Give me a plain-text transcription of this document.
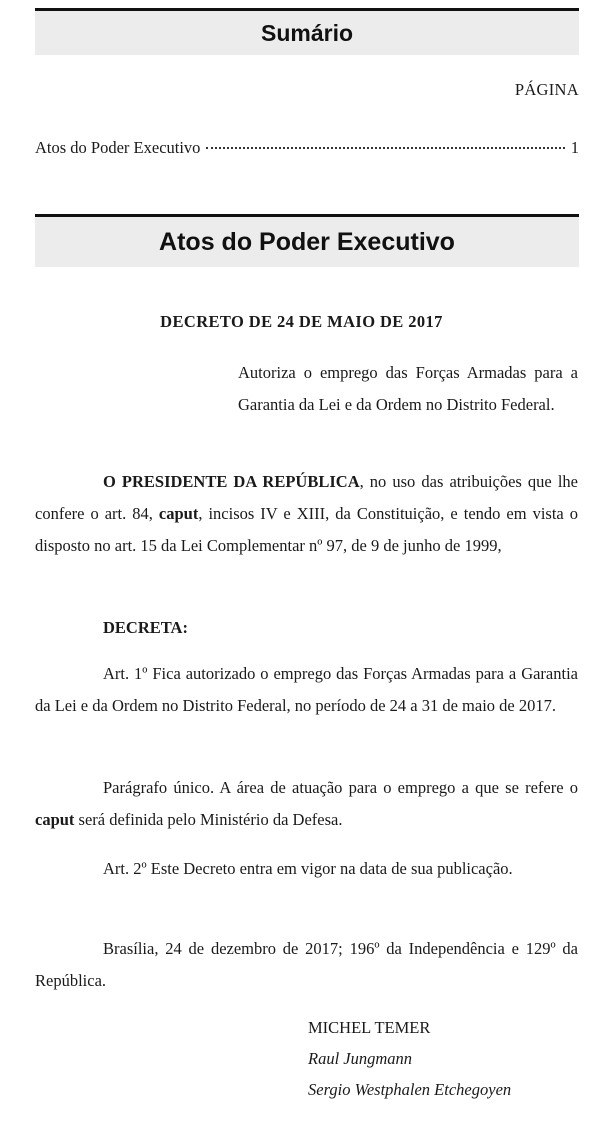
Sumário
PÁGINA
Atos do Poder Executivo	1
Atos do Poder Executivo
DECRETO DE 24 DE MAIO DE 2017
Autoriza o emprego das Forças Armadas para a Garantia da Lei e da Ordem no Distrito Federal.
O PRESIDENTE DA REPÚBLICA, no uso das atribuições que lhe confere o art. 84, caput, incisos IV e XIII, da Constituição, e tendo em vista o disposto no art. 15 da Lei Complementar nº 97, de 9 de junho de 1999,
DECRETA:
Art. 1º Fica autorizado o emprego das Forças Armadas para a Garantia da Lei e da Ordem no Distrito Federal, no período de 24 a 31 de maio de 2017.
Parágrafo único. A área de atuação para o emprego a que se refere o caput será definida pelo Ministério da Defesa.
Art. 2º Este Decreto entra em vigor na data de sua publicação.
Brasília, 24 de dezembro de 2017; 196º da Independência e 129º da República.
MICHEL TEMER
Raul Jungmann
Sergio Westphalen Etchegoyen
